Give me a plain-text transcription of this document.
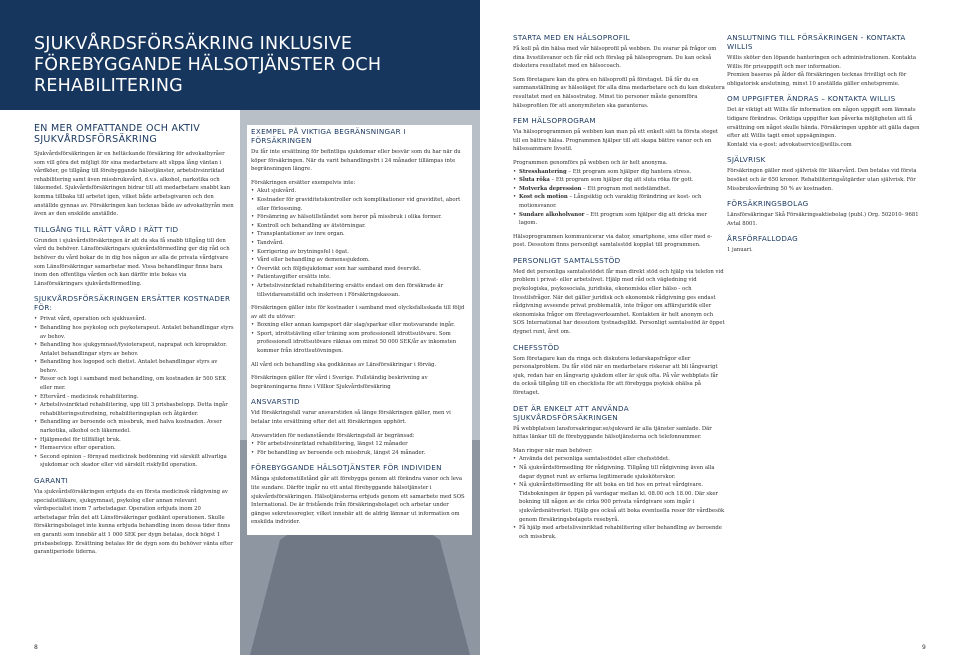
SJUKVÅRDSFÖRSÄKRING INKLUSIVE FÖREBYGGANDE HÄLSOTJÄNSTER OCH REHABILITERING
EN MER OMFATTANDE OCH AKTIV SJUKVÅRDSFÖRSÄKRING

Sjukvårdsförsäkringen är en heltäckande försäkring för advokatbyråer som vill göra det möjligt för sina medarbetare att slippa lång väntan i vårdköer, ge tillgång till förebyggande hälsotjänster, arbetslivsinriktad rehabilitering samt även missbruksvård, d.v.s. alkohol, narkotika och läkemedel. Sjukvårdsförsäkringen bidrar till att medarbetare snabbt kan komma tillbaka till arbetet igen, vilket både arbetsgivaren och den anställde gynnas av. Försäkringen kan tecknas både av advokatbyrån men även av den enskilde anställde.

TILLGÅNG TILL RÄTT VÅRD I RÄTT TID

Grunden i sjukvårdsförsäkringen är att du ska få snabb tillgång till den vård du behöver. Länsförsäkringars sjukvårdsförmedling ger dig råd och behöver du vård bokar de in dig hos någon av alla de privata vårdgivare som Länsförsäkringar samarbetar med. Vissa behandlingar finns bara inom den offentliga vården och kan därför inte bokas via Länsförsäkringars sjukvårdsförmedling.

SJUKVÅRDSFÖRSÄKRINGEN ERSÄTTER KOSTNADER FÖR:
• Privat vård, operation och sjukhusvård.
• Behandling hos psykolog och psykoterapeut. Antalet behandlingar styrs av behov.
• Behandling hos sjukgymnast/fysioterapeut, naprapat och kiropraktor. Antalet behandlingar styrs av behov.
• Behandling hos logoped och dietist. Antalet behandlingar styrs av behov.
• Resor och logi i samband med behandling, om kostnaden är 500 SEK eller mer.
• Eftervård - medicinsk rehabilitering.
• Arbetslivsinriktad rehabilitering, upp till 3 prisbasbelopp. Detta ingår rehabiliteringsutredning, rehabiliteringsplan och åtgärder.
• Behandling av beroende och missbruk, med halva kostnaden. Avser narkotika, alkohol och läkemedel.
• Hjälpmedel för tillfälligt bruk.
• Hemservice efter operation.
• Second opinion – förnyad medicinsk bedömning vid särskilt allvarliga sjukdomar och skador eller vid särskilt riskfylld operation.
GARANTI

Via sjukvårdsförsäkringen erbjuds du en första medicinsk rådgivning av specialistläkare, sjukgymnast, psykolog eller annan relevant vårdspecialist inom 7 arbetsdagar. Operation erbjuds inom 20 arbetsdagar från det att Länsförsäkringar godkänt operationen. Skulle försäkringsbolaget inte kunna erbjuda behandling inom dessa tider finns en garanti som innebär att 1 000 SEK per dygn betalas, dock högst 1 prisbasbelopp. Ersättning betalas för de dygn som du behöver vänta efter garantiperiode tiderna.

EXEMPEL PÅ VIKTIGA BEGRÄNSNINGAR I FÖRSÄKRINGEN

Du får inte ersättning för befintliga sjukdomar eller besvär som du har när du köper försäkringen. När du varit behandlingsfri i 24 månader tillämpas inte begränsningen längre.

Försäkringen ersätter exempelvis inte:

• Akut sjukvård.
• Kostnader för graviditetskontroller och komplikationer vid graviditet, abort eller förlossning.
• Försämring av hälsotillståndet som beror på missbruk i olika former.
• Kontroll och behandling av ätstörningar.
• Transplantationer av inre organ.
• Tandvård.
• Korrigering av brytningsfel i ögat.
• Vård eller behandling av demenssjukdom.
• Övervikt och följdsjukdomar som har samband med övervikt.
• Patientavgifter ersätts inte.
• Arbetslivsinriktad rehabilitering ersätts endast om den försäkrade är tillsvidareanställd och inskriven i Försäkringskassan.

Försäkringen gäller inte för kostnader i samband med olycksfallsskada till följd av att du utövar:

• Boxning eller annan kampsport där slag/sparkar eller motsvarande ingår.
• Sport, idrottstävling eller träning som professionell idrottsutövare. Som professionell idrottsutövare räknas om minst 50 000 SEK/år av inkomsten kommer från idrottsutövningen.

All vård och behandling ska godkännas av Länsförsäkringar i förväg.

Försäkringen gäller för vård i Sverige. Fullständig beskrivning av begränsningarna finns i Villkor Sjukvårdsförsäkring

ANSVARSTID

Vid försäkringsfall varar ansvarstiden så länge försäkringen gäller, men vi betalar inte ersättning efter det att försäkringen upphört.

Ansvarstiden för nedanstående försäkringsfall är begränsad:

• För arbetslivsinriktad rehabilitering, längst 12 månader
• För behandling av beroende och missbruk, längst 24 månader.
FÖREBYGGANDE HÄLSOTJÄNSTER FÖR INDIVIDEN

Många sjukdomstillstånd går att förebygga genom att förändra vanor och leva lite sundare. Därför ingår nu ett antal förebyggande hälsotjänster i sjukvårdsförsäkringen. Hälsotjänsterna erbjuds genom ett samarbete med SOS International. De är fristående från försäkringsbolaget och arbetar under gängse sekretessregler, vilket innebär att de aldrig lämnar ut information om enskilda individer.

8
STARTA MED EN HÄLSOPROFIL

Få koll på din hälsa med vår hälsoprofil på webben. Du svarar på frågor om dina livsstilsvanor och får råd och förslag på hälsoprogram. Du kan också diskutera resultatet med en hälsocoach.

Som företagare kan du göra en hälsoprofil på företaget. Då får du en sammanställning av hälsoläget för alla dina medarbetare och du kan diskutera resultatet med en hälsostrateg. Minst tio personer måste genomföra hälsoprofilen för att anonymiteten ska garanteras.

FEM HÄLSOPROGRAM

Via hälsoprogrammen på webben kan man på ett enkelt sätt ta första steget till en bättre hälsa. Programmen hjälper till att skapa bättre vanor och en hälsosammare livsstil.

Programmen genomförs på webben och är helt anonyma.

• Stresshantering – Ett program som hjälper dig hantera stress.
• Sluta röka – Ett program som hjälper dig att sluta röka för gott.
• Motverka depression – Ett program mot nedstämdhet.
• Kost och motion – Långsiktig och varaktig förändring av kost- och motionsvanor.
• Sundare alkoholvanor – Ett program som hjälper dig att dricka mer lagom.

Hälsoprogrammen kommunicerar via dator, smartphone, sms eller med e-post. Dessutom finns personligt samtalsstöd kopplat till programmen.

PERSONLIGT SAMTALSSTÖD

Med det personliga samtalsstödet får man direkt stöd och hjälp via telefon vid problem i privat- eller arbetslivet. Hjälp med råd och vägledning vid psykologiska, psykosociala, juridiska, ekonomiska eller hälso - och livsstilsfrågor. När det gäller juridisk och ekonomisk rådgivning ges endast rådgivning avseende privat problematik, inte frågor om affärsjuridik eller ekonomiska frågor om företagsverksamhet. Kontakten är helt anonym och SOS International har dessutom tystnadsplikt. Personligt samtalsstöd är öppet dygnet runt, året om.

CHEFSSTÖD

Som företagare kan du ringa och diskutera ledarskapsfrågor eller personalproblem. Du får stöd när en medarbetare riskerar att bli långvarigt sjuk, redan har en långvarig sjukdom eller är sjuk ofta. På vår webbplats får du också tillgång till en checklista för att förebygga psykisk ohälsa på företaget.

DET ÄR ENKELT ATT ANVÄNDA SJUKVÅRDSFÖRSÄKRINGEN

På webbplatsen lansforsakringar.se/sjukvard är alla tjänster samlade. Där hittas länkar till de förebyggande hälsotjänsterna och telefonnummer.

Man ringer när man behöver:

• Använda det personliga samtalsstödet eller chefsstödet.
• Nå sjukvårdsförmedling för rådgivning. Tillgång till rådgivning även alla dagar dygnet runt av erfarna legitimerade sjuksköterskor.
• Nå sjukvårdsförmedling för att boka en tid hos en privat vårdgivare. Tidsbokningen är öppen på vardagar mellan kl. 08.00 och 18.00. Där sker bokning till någon av de cirka 900 privata vårdgivare som ingår i sjukvårdsnätverket. Hjälp ges också att boka eventuella resor för vårdbesök genom försäkringsbolagets resebyrå.
• Få hjälp med arbetslivsinriktad rehabilitering eller behandling av beroende och missbruk.
ANSLUTNING TILL FÖRSÄKRINGEN - KONTAKTA WILLIS

Willis sköter den löpande hanteringen och administrationen. Kontakta Willis för prisuppgift och mer information.

Premien baseras på ålder då försäkringen tecknas frivilligt och för obligatorisk anslutning, minst 10 anställda gäller enhetspremie.

OM UPPGIFTER ÄNDRAS – KONTAKTA WILLIS

Det är viktigt att Willis får information om någon uppgift som lämnats tidigare förändras. Oriktiga uppgifter kan påverka möjligheten att få ersättning om något skulle hända. Försäkringen upphör att gälla dagen efter att Willis tagit emot uppsägningen.

Kontakt via e-post: advokatservice@willis.com

SJÄLVRISK

Försäkringen gäller med självrisk för läkarvård. Den betalas vid första besöket och är 650 kronor. Rehabiliteringsåtgärder utan självrisk. För Missbruksvårdning 50 % av kostnaden.

FÖRSÄKRINGSBOLAG

Länsförsäkringar Skå Försäkringsaktiebolag (publ.) Org. 502010- 9681 Avtal 8001.

ÅRSFÖRFALLODAG

1 januari.

9
